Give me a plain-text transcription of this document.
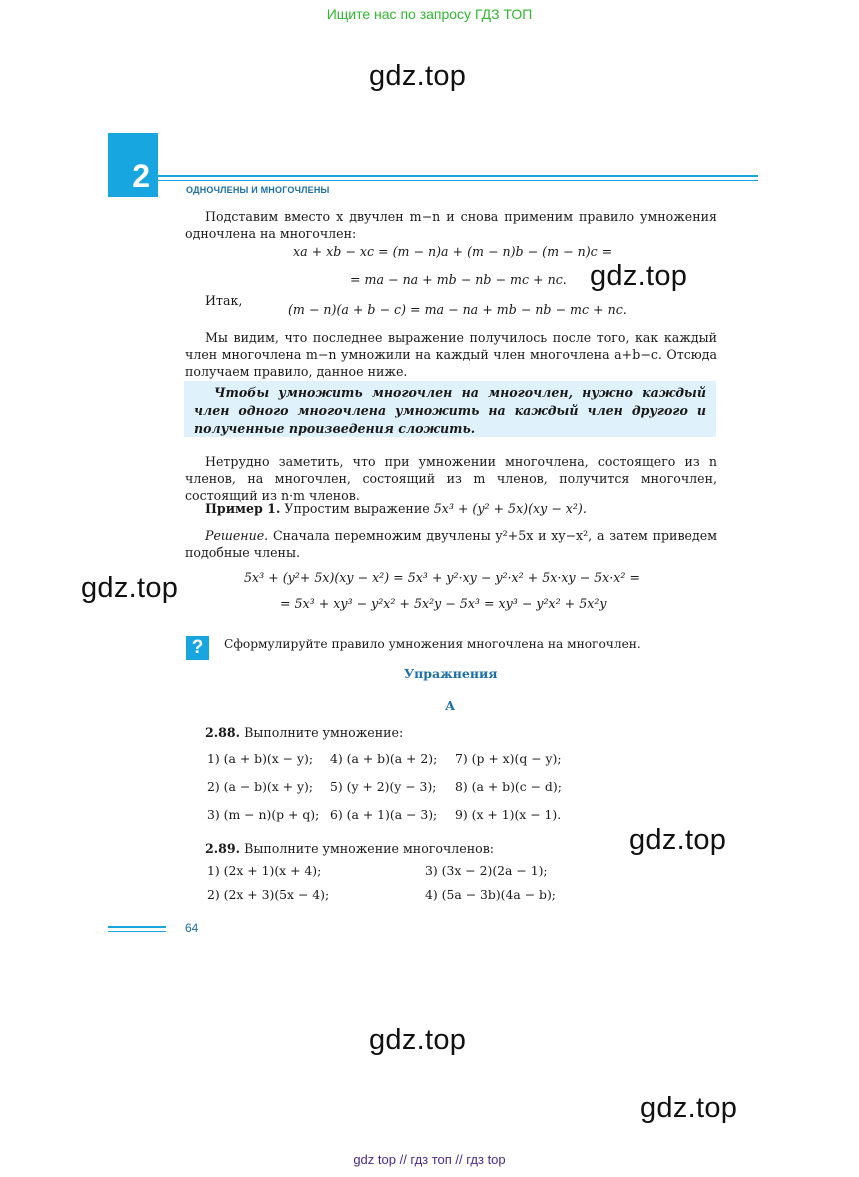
Ищите нас по запросу ГДЗ ТОП
gdz.top
gdz.top
gdz.top
gdz.top
gdz.top
gdz.top
2	ОДНОЧЛЕНЫ И МНОГОЧЛЕНЫ
Подставим вместо x двучлен m−n и снова применим правило умножения одночлена на многочлен:
xa + xb − xc = (m − n)a + (m − n)b − (m − n)c =
= ma − na + mb − nb − mc + nc.
Итак,
(m − n)(a + b − c) = ma − na + mb − nb − mc + nc.
Мы видим, что последнее выражение получилось после того, как каждый член многочлена m−n умножили на каждый член многочлена a+b−c. Отсюда получаем правило, данное ниже.
Чтобы умножить многочлен на многочлен, нужно каждый член одного многочлена умножить на каждый член другого и полученные произведения сложить.
Нетрудно заметить, что при умножении многочлена, состоящего из n членов, на многочлен, состоящий из m членов, получится многочлен, состоящий из n·m членов.
Пример 1. Упростим выражение 5x³ + (y² + 5x)(xy − x²).
Решение. Сначала перемножим двучлены y²+5x и xy−x², а затем приведем подобные члены.
5x³ + (y²+ 5x)(xy − x²) = 5x³ + y²·xy − y²·x² + 5x·xy − 5x·x² =
= 5x³ + xy³ − y²x² + 5x²y − 5x³ = xy³ − y²x² + 5x²y
?	Сформулируйте правило умножения многочлена на многочлен.
Упражнения
А
2.88. Выполните умножение:
1) (a + b)(x − y); 4) (a + b)(a + 2); 7) (p + x)(q − y);
2) (a − b)(x + y); 5) (y + 2)(y − 3); 8) (a + b)(c − d);
3) (m − n)(p + q); 6) (a + 1)(a − 3); 9) (x + 1)(x − 1).
2.89. Выполните умножение многочленов:
1) (2x + 1)(x + 4);	3) (3x − 2)(2a − 1);
2) (2x + 3)(5x − 4);	4) (5a − 3b)(4a − b);
64
gdz top // гдз топ // гдз top
